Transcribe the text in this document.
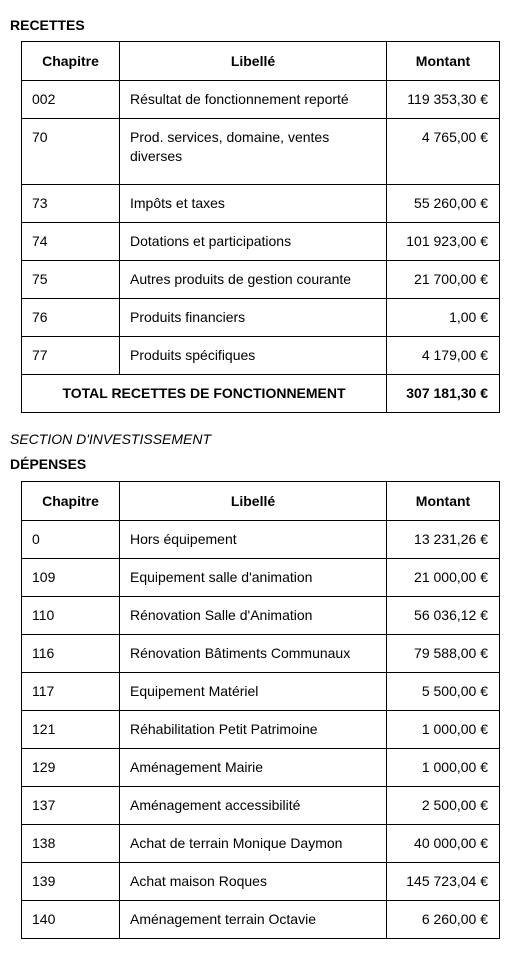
RECETTES
Chapitre	Libellé	Montant
002	Résultat de fonctionnement reporté	119 353,30 €
70	Prod. services, domaine, ventes diverses	4 765,00 €
73	Impôts et taxes	55 260,00 €
74	Dotations et participations	101 923,00 €
75	Autres produits de gestion courante	21 700,00 €
76	Produits financiers	1,00 €
77	Produits spécifiques	4 179,00 €
TOTAL RECETTES DE FONCTIONNEMENT		307 181,30 €
SECTION D'INVESTISSEMENT
DÉPENSES
Chapitre	Libellé	Montant
0	Hors équipement	13 231,26 €
109	Equipement salle d'animation	21 000,00 €
110	Rénovation Salle d'Animation	56 036,12 €
116	Rénovation Bâtiments Communaux	79 588,00 €
117	Equipement Matériel	5 500,00 €
121	Réhabilitation Petit Patrimoine	1 000,00 €
129	Aménagement Mairie	1 000,00 €
137	Aménagement accessibilité	2 500,00 €
138	Achat de terrain Monique Daymon	40 000,00 €
139	Achat maison Roques	145 723,04 €
140	Aménagement terrain Octavie	6 260,00 €
